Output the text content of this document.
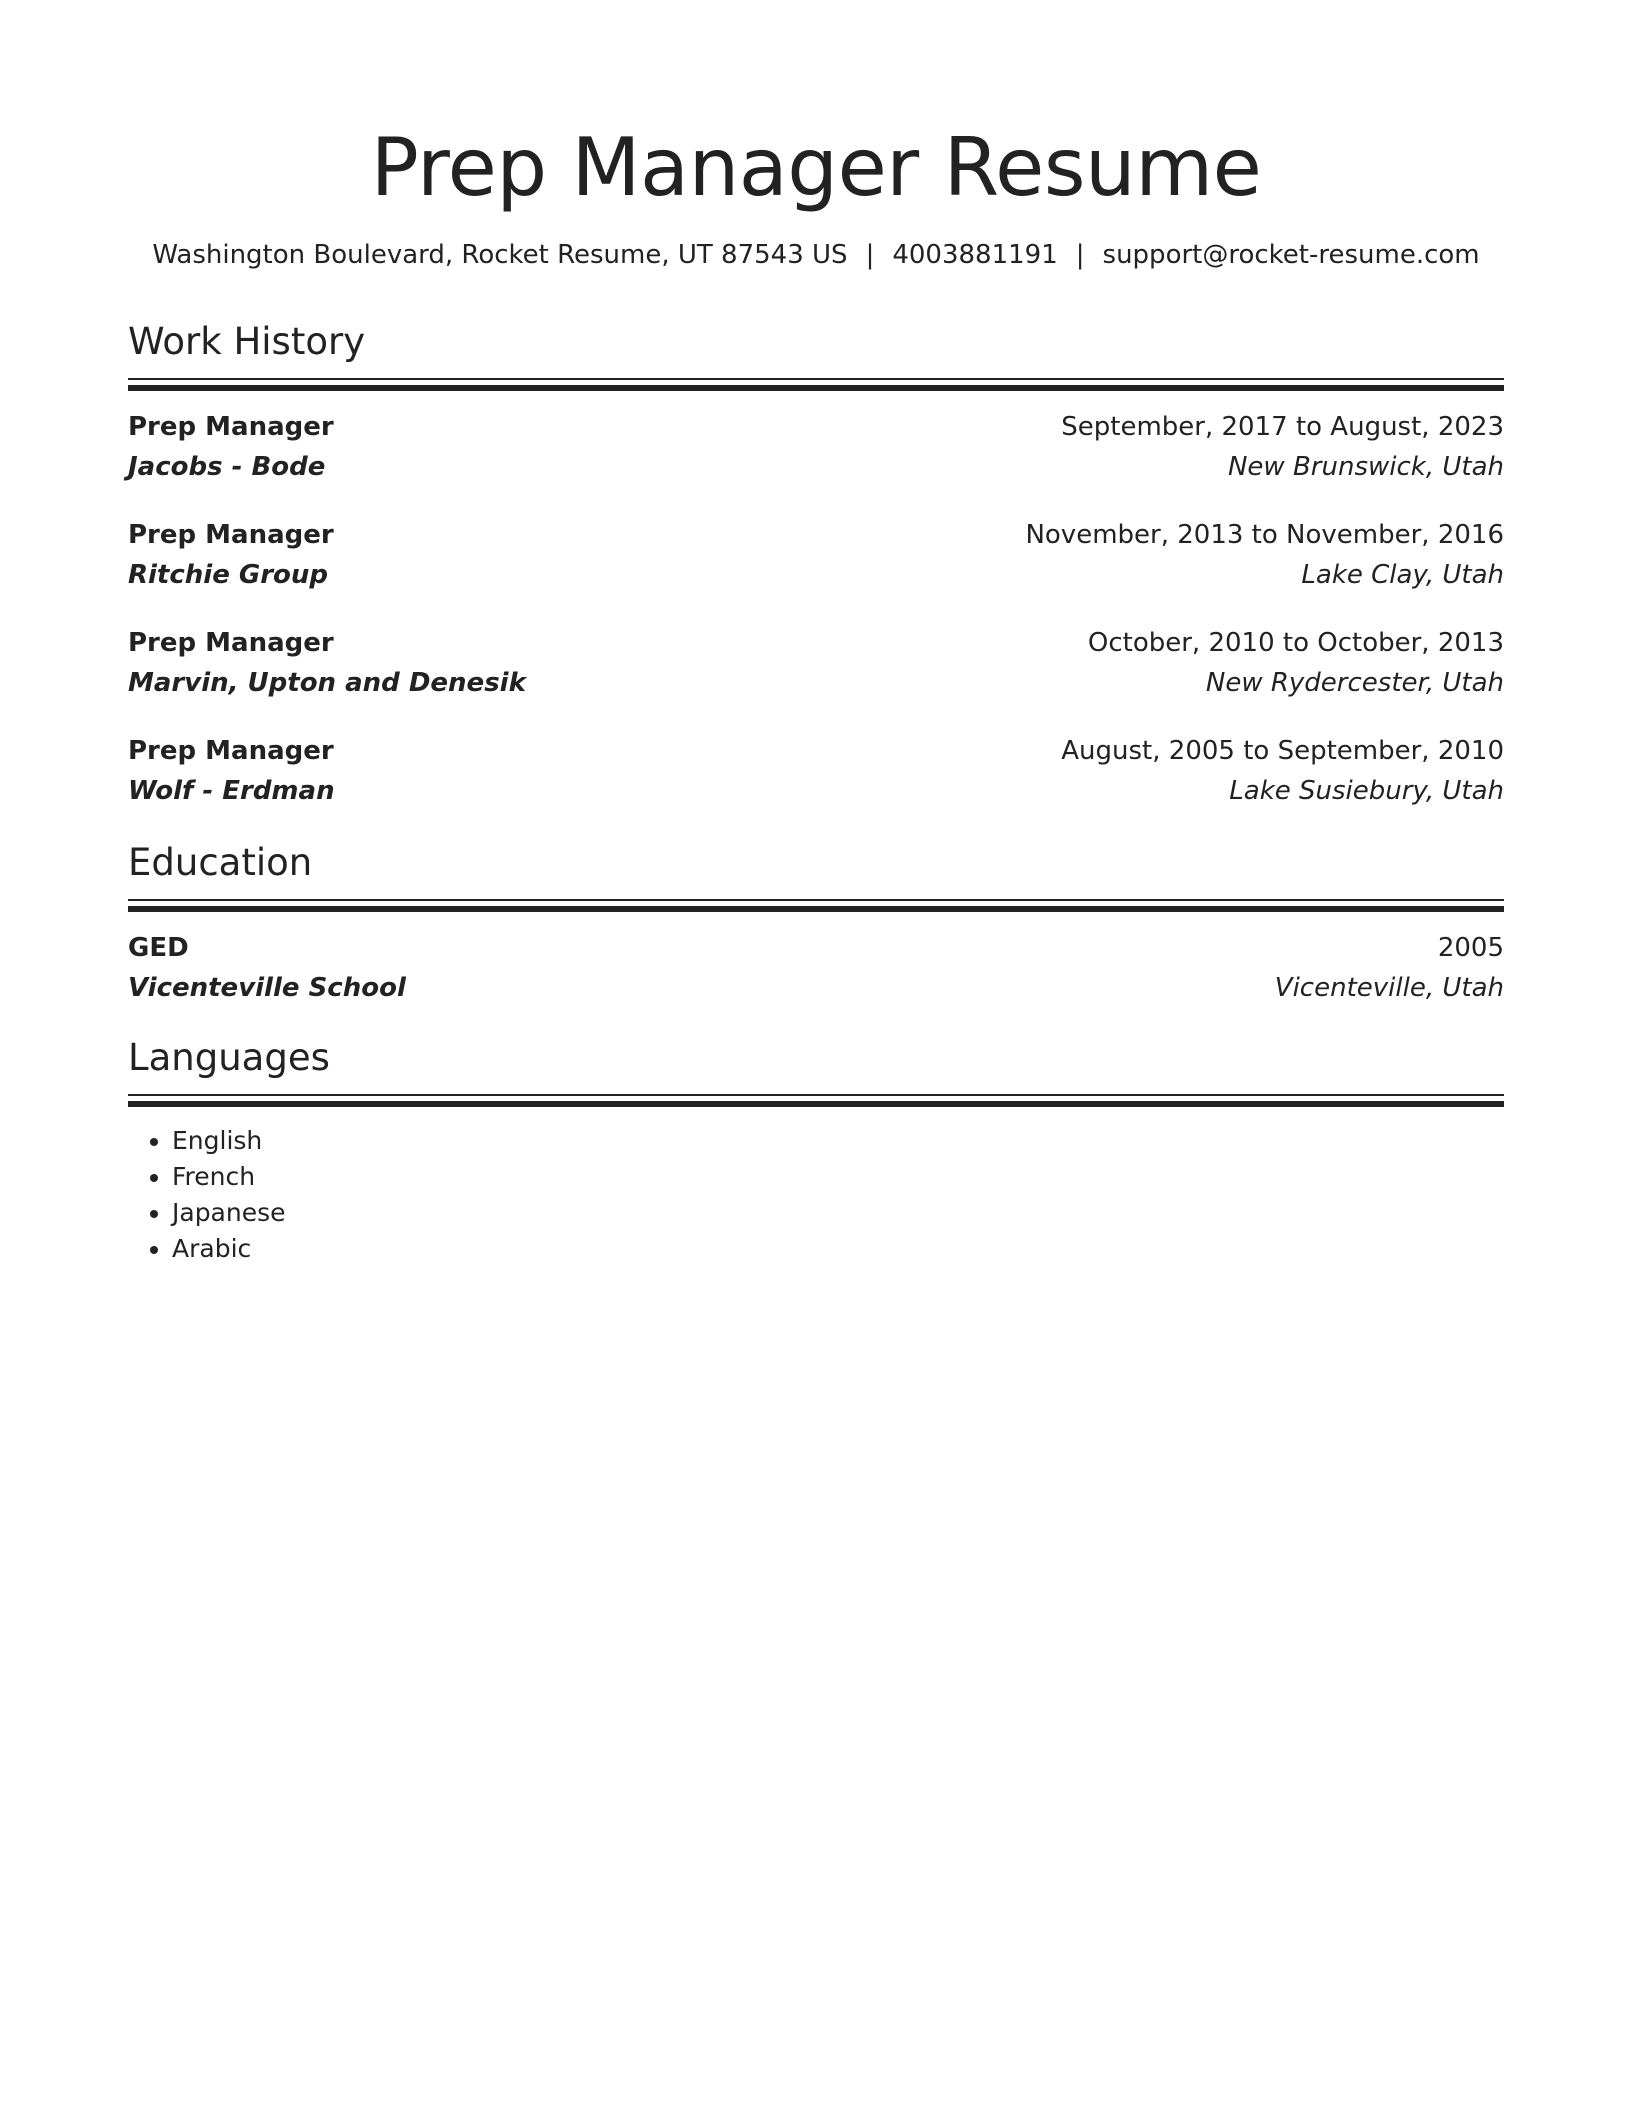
Prep Manager Resume
Washington Boulevard, Rocket Resume, UT 87543 US | 4003881191 | support@rocket-resume.com
Work History
Prep Manager	September, 2017 to August, 2023
Jacobs - Bode	New Brunswick, Utah
Prep Manager	November, 2013 to November, 2016
Ritchie Group	Lake Clay, Utah
Prep Manager	October, 2010 to October, 2013
Marvin, Upton and Denesik	New Rydercester, Utah
Prep Manager	August, 2005 to September, 2010
Wolf - Erdman	Lake Susiebury, Utah
Education
GED	2005
Vicenteville School	Vicenteville, Utah
Languages
• English
• French
• Japanese
• Arabic
